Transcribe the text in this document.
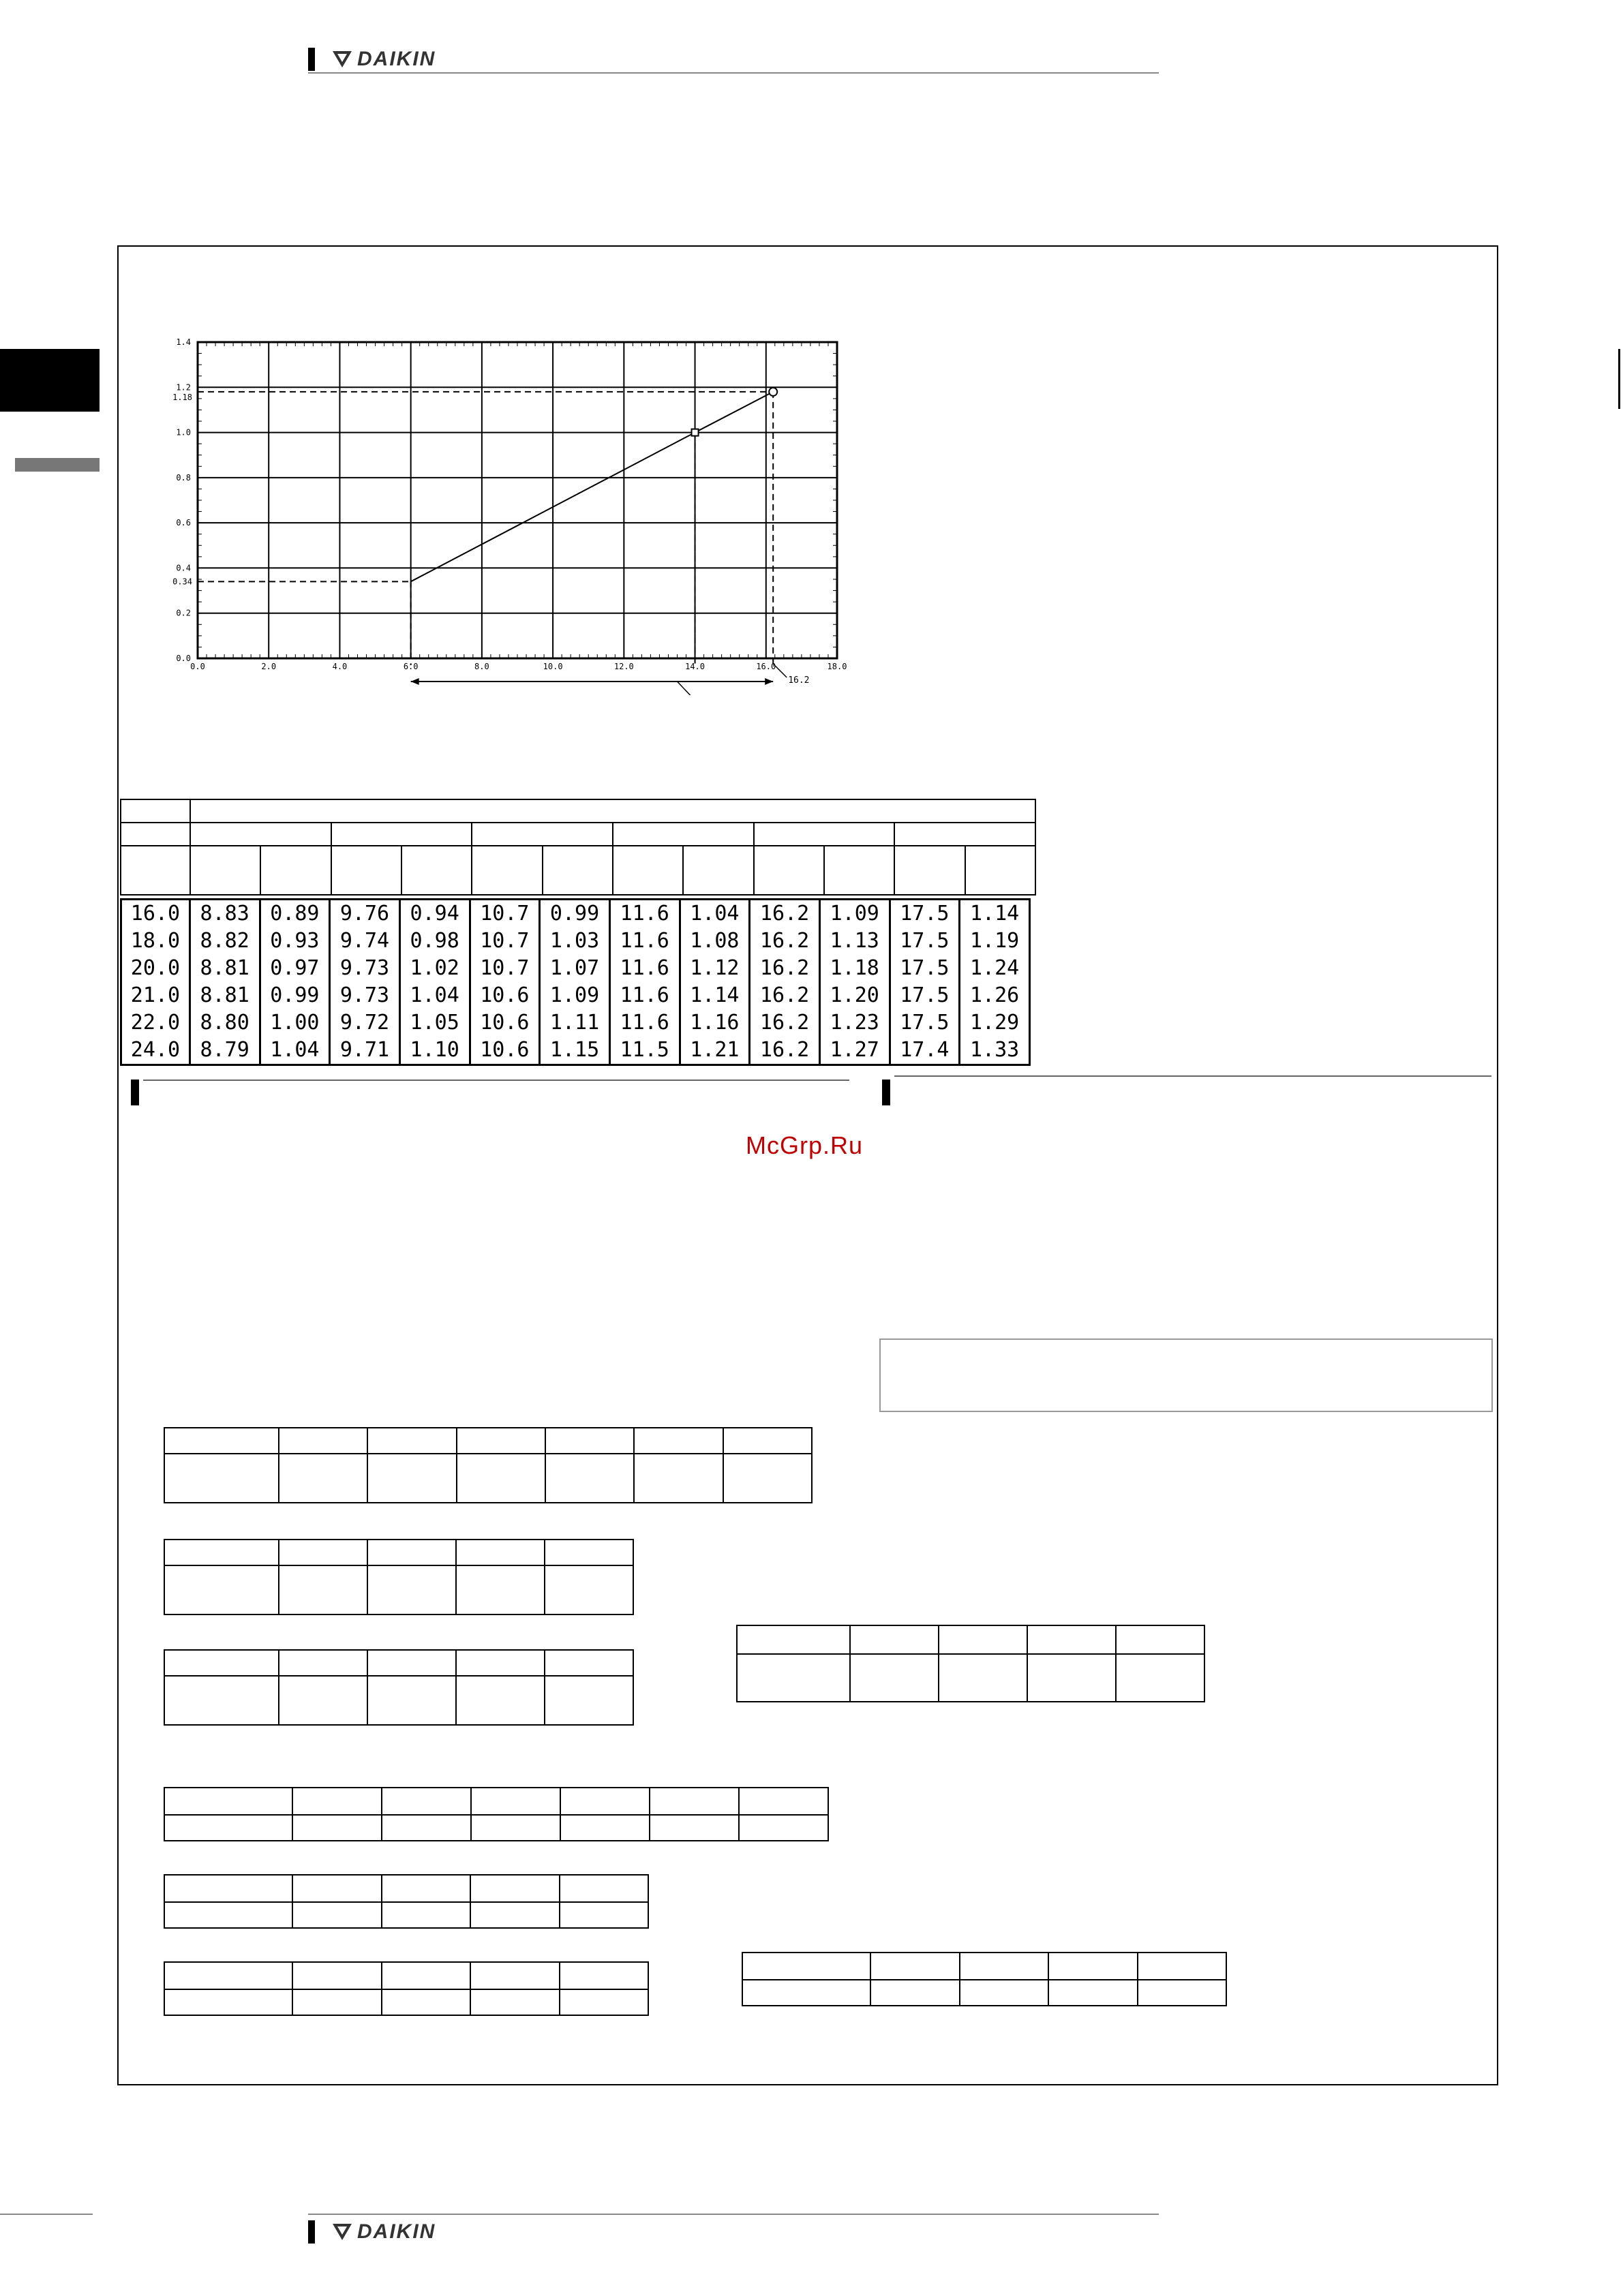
DAIKIN
0.0	2.0	4.0	6.0	8.0	10.0	12.0	14.0	16.0	18.0
0.0
0.2
0.4
0.6
0.8
1.0
1.2
1.4
1.18
0.34
16.2

16.0	8.83	0.89	9.76	0.94	10.7	0.99	11.6	1.04	16.2	1.09	17.5	1.14
18.0	8.82	0.93	9.74	0.98	10.7	1.03	11.6	1.08	16.2	1.13	17.5	1.19
20.0	8.81	0.97	9.73	1.02	10.7	1.07	11.6	1.12	16.2	1.18	17.5	1.24
21.0	8.81	0.99	9.73	1.04	10.6	1.09	11.6	1.14	16.2	1.20	17.5	1.26
22.0	8.80	1.00	9.72	1.05	10.6	1.11	11.6	1.16	16.2	1.23	17.5	1.29
24.0	8.79	1.04	9.71	1.10	10.6	1.15	11.5	1.21	16.2	1.27	17.4	1.33
McGrp.Ru

DAIKIN
